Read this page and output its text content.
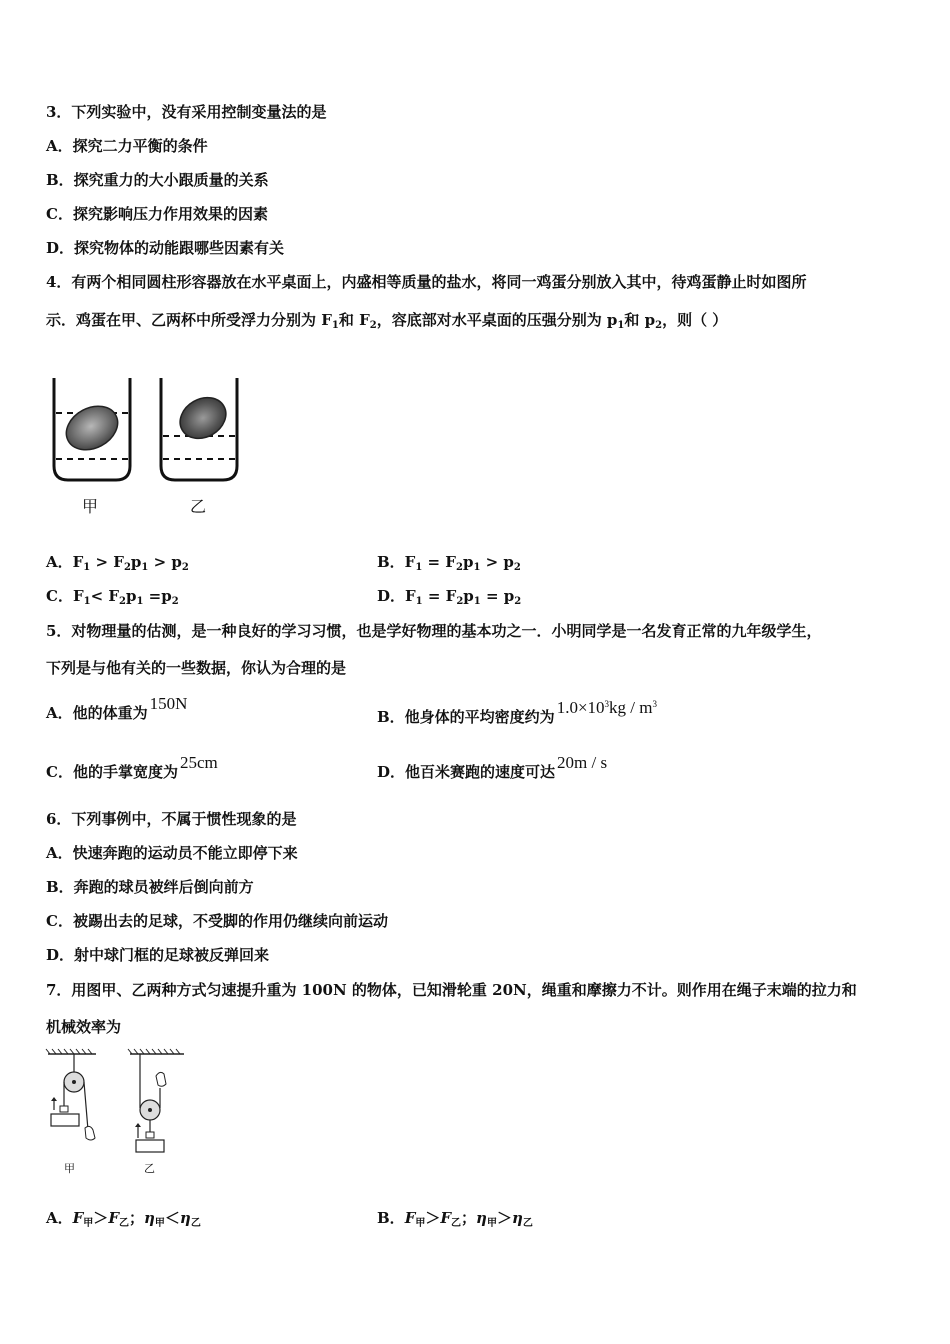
3．下列实验中，没有采用控制变量法的是
A．探究二力平衡的条件
B．探究重力的大小跟质量的关系
C．探究影响压力作用效果的因素
D．探究物体的动能跟哪些因素有关
4．有两个相同圆柱形容器放在水平桌面上，内盛相等质量的盐水，将同一鸡蛋分别放入其中，待鸡蛋静止时如图所
示．鸡蛋在甲、乙两杯中所受浮力分别为 $F_1$和 $F_2$，容底部对水平桌面的压强分别为 $p_1$和 $p_2$，则（ ）
甲	乙
A．$F_1 > F_2p_1 > p_2$	B．$F_1 = F_2p_1 > p_2$
C．$F_1< F_2p_1 =p_2$	D．$F_1 = F_2p_1 = p_2$
5．对物理量的估测，是一种良好的学习习惯，也是学好物理的基本功之一．小明同学是一名发育正常的九年级学生，
下列是与他有关的一些数据，你认为合理的是
A．他的体重为 150N
B．他身体的平均密度约为 $1.0\times 10^3kg / m^3$
C．他的手掌宽度为 25cm	D．他百米赛跑的速度可达 20m / s
6．下列事例中，不属于惯性现象的是
A．快速奔跑的运动员不能立即停下来
B．奔跑的球员被绊后倒向前方
C．被踢出去的足球，不受脚的作用仍继续向前运动
D．射中球门框的足球被反弹回来
7．用图甲、乙两种方式匀速提升重为 100N 的物体，已知滑轮重 20N，绳重和摩擦力不计。则作用在绳子末端的拉力和
机械效率为
甲	乙
A．$F_甲>F_乙$；$\eta_甲<\eta_乙$	B．$F_甲>F_乙$；$\eta_甲>\eta_乙$
